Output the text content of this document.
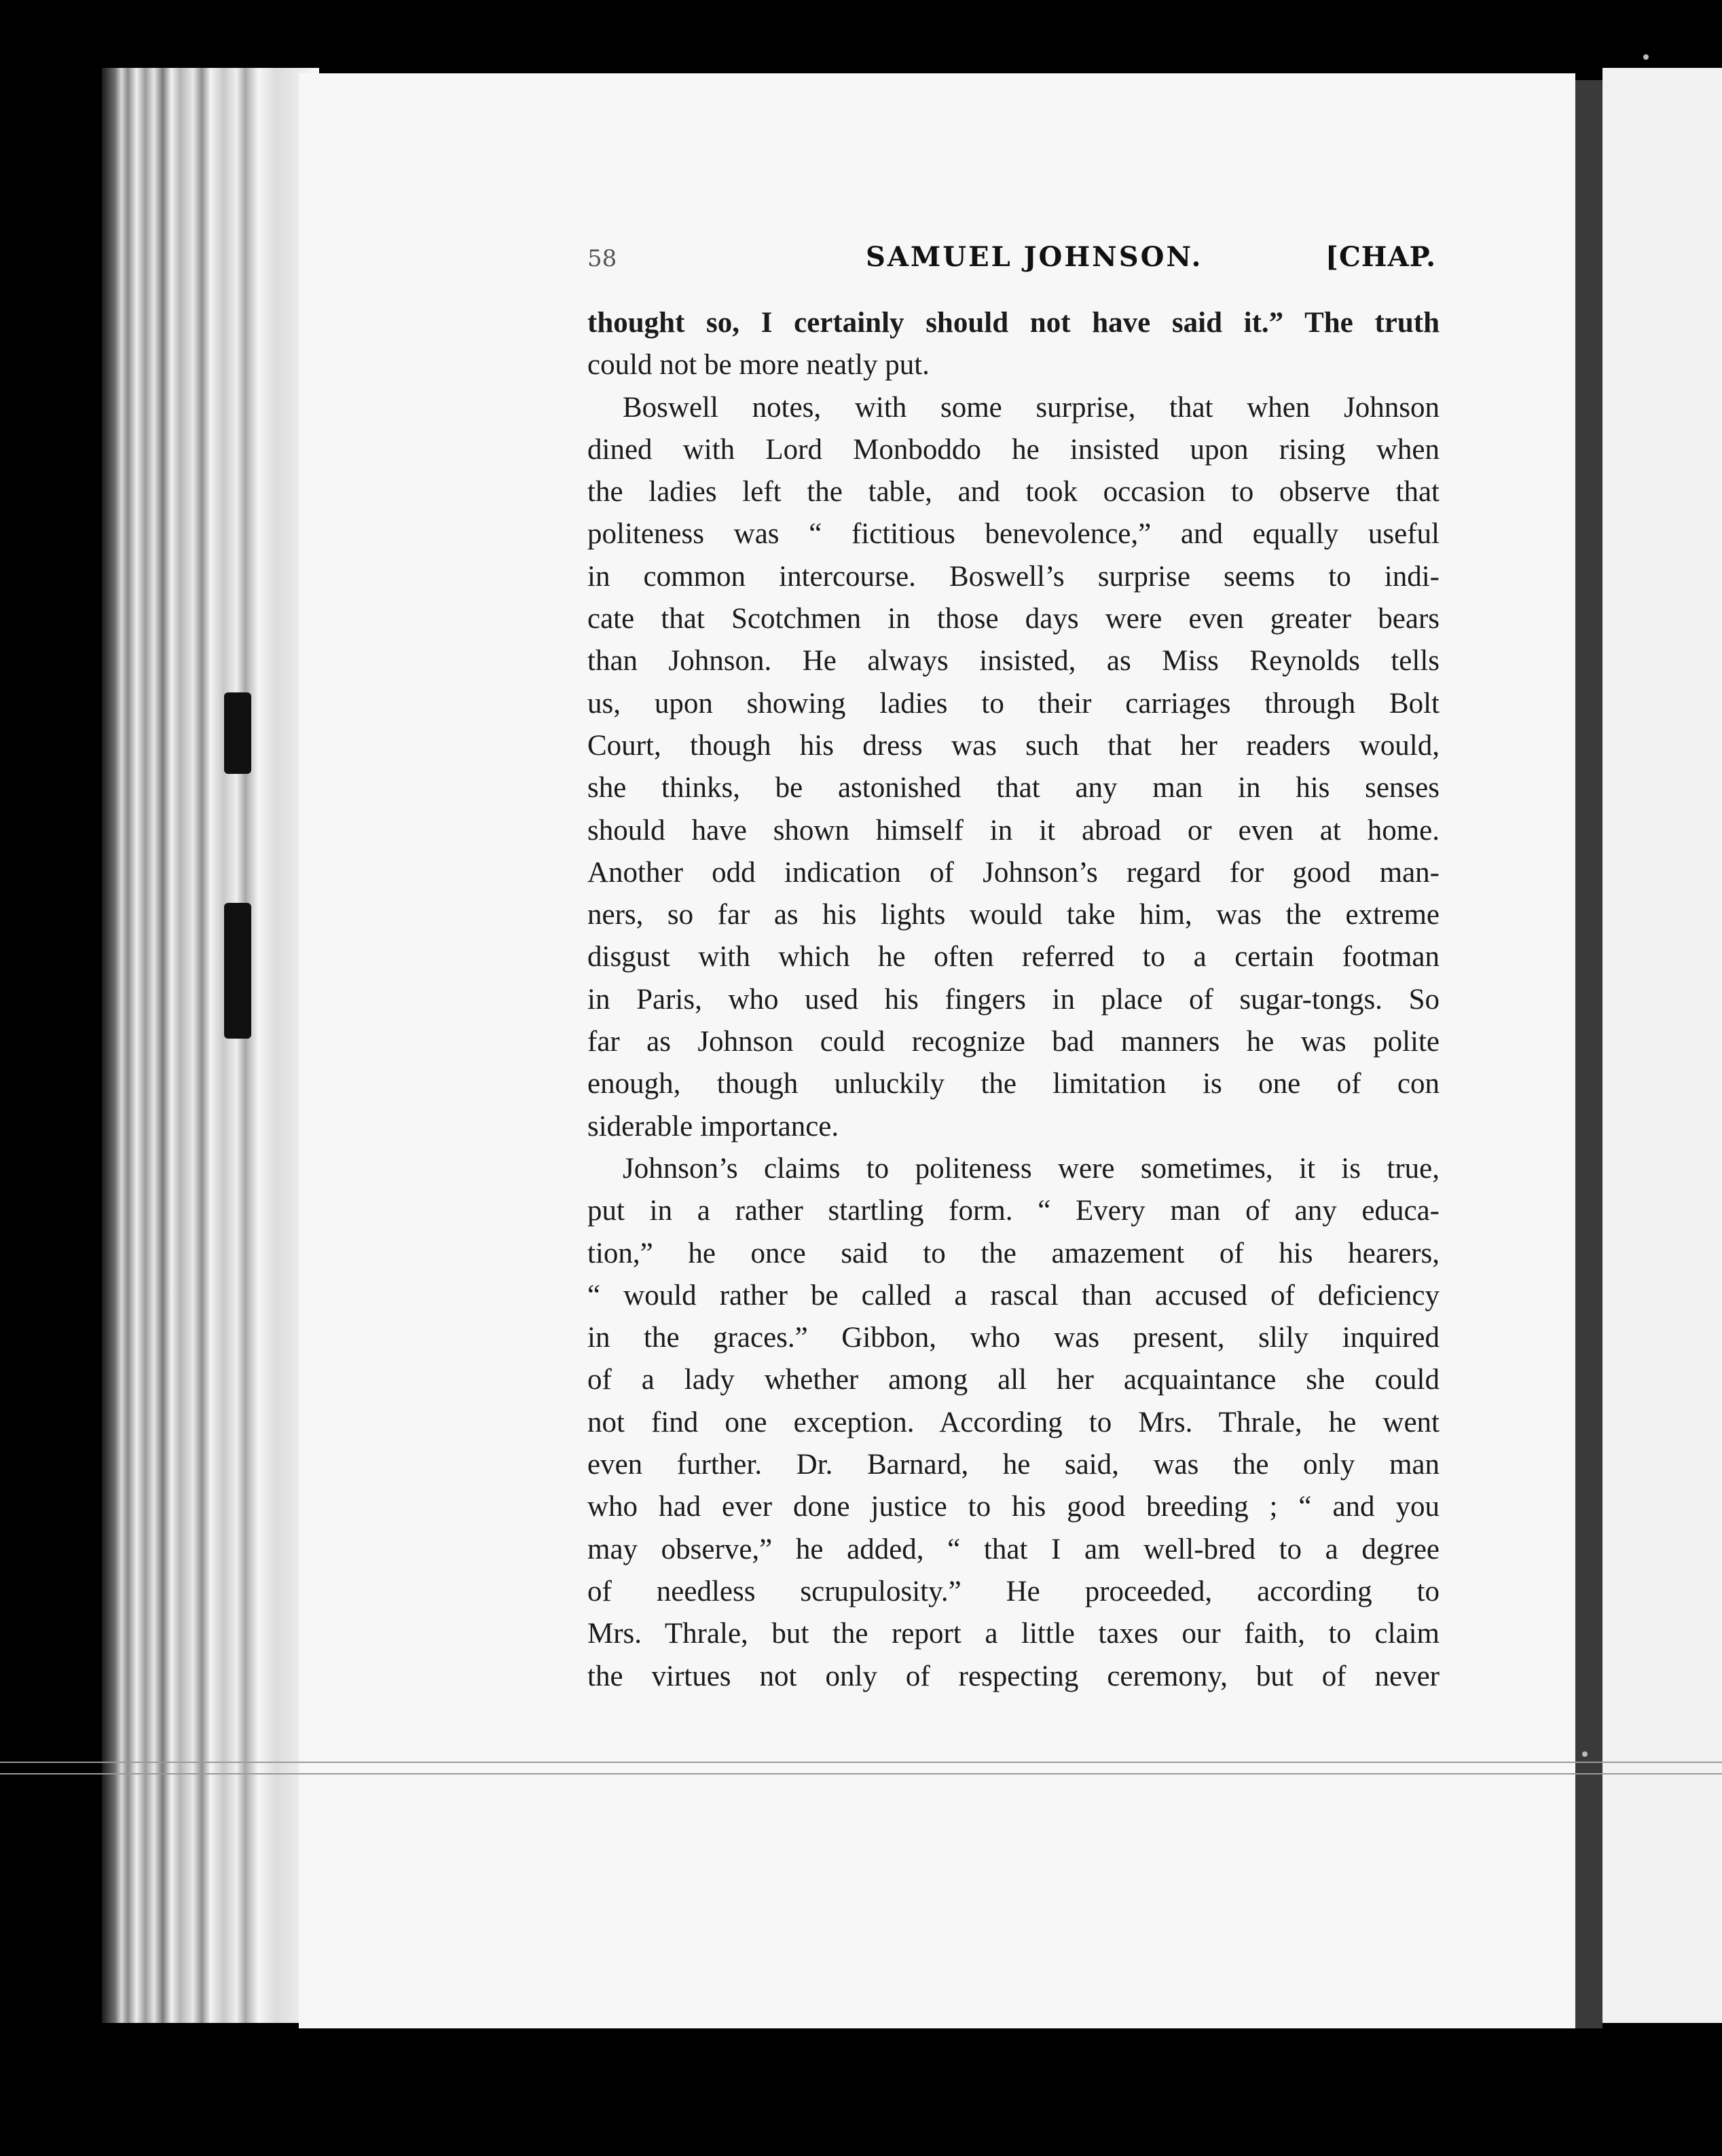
58	SAMUEL JOHNSON.	[CHAP.
thought so, I certainly should not have said it.” The truth
could not be more neatly put.
Boswell notes, with some surprise, that when Johnson
dined with Lord Monboddo he insisted upon rising when
the ladies left the table, and took occasion to observe that
politeness was “ fictitious benevolence,” and equally useful
in common intercourse. Boswell’s surprise seems to indi-
cate that Scotchmen in those days were even greater bears
than Johnson. He always insisted, as Miss Reynolds tells
us, upon showing ladies to their carriages through Bolt
Court, though his dress was such that her readers would,
she thinks, be astonished that any man in his senses
should have shown himself in it abroad or even at home.
Another odd indication of Johnson’s regard for good man-
ners, so far as his lights would take him, was the extreme
disgust with which he often referred to a certain footman
in Paris, who used his fingers in place of sugar-tongs. So
far as Johnson could recognize bad manners he was polite
enough, though unluckily the limitation is one of con
siderable importance.
Johnson’s claims to politeness were sometimes, it is true,
put in a rather startling form. “ Every man of any educa-
tion,” he once said to the amazement of his hearers,
“ would rather be called a rascal than accused of deficiency
in the graces.” Gibbon, who was present, slily inquired
of a lady whether among all her acquaintance she could
not find one exception. According to Mrs. Thrale, he went
even further. Dr. Barnard, he said, was the only man
who had ever done justice to his good breeding ; “ and you
may observe,” he added, “ that I am well-bred to a degree
of needless scrupulosity.” He proceeded, according to
Mrs. Thrale, but the report a little taxes our faith, to claim
the virtues not only of respecting ceremony, but of never
